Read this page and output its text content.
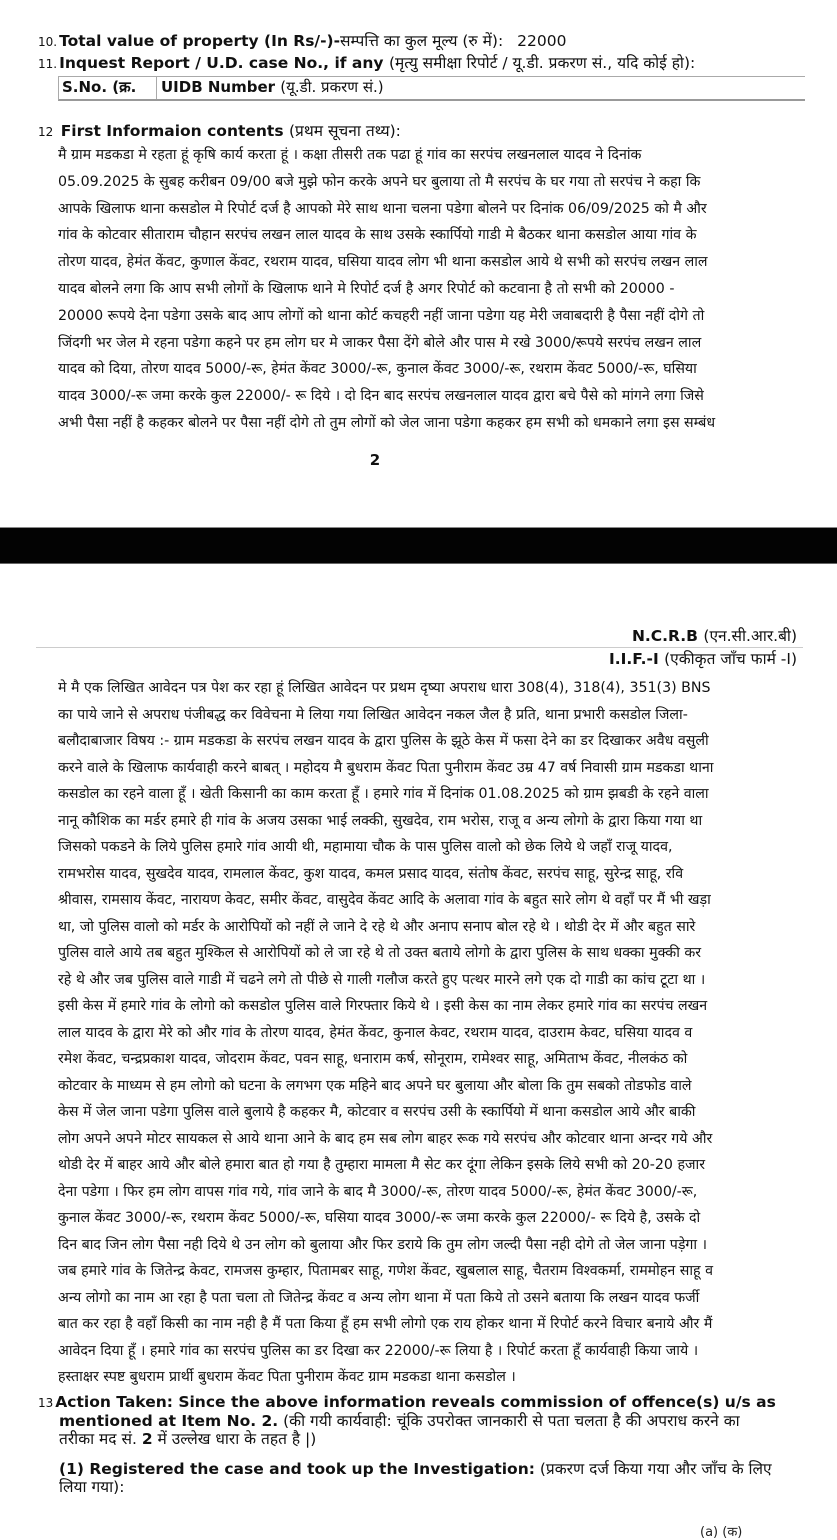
10. Total value of property (In Rs/-)-सम्पत्ति का कुल मूल्य (रु में): 22000
11. Inquest Report / U.D. case No., if any (मृत्यु समीक्षा रिपोर्ट / यू.डी. प्रकरण सं., यदि कोई हो):
S.No. (क्र.	UIDB Number (यू.डी. प्रकरण सं.)
12 First Informaion contents (प्रथम सूचना तथ्य):
मै ग्राम मडकडा मे रहता हूं कृषि कार्य करता हूं । कक्षा तीसरी तक पढा हूं गांव का सरपंच लखनलाल यादव ने दिनांक
05.09.2025 के सुबह करीबन 09/00 बजे मुझे फोन करके अपने घर बुलाया तो मै सरपंच के घर गया तो सरपंच ने कहा कि
आपके खिलाफ थाना कसडोल मे रिपोर्ट दर्ज है आपको मेरे साथ थाना चलना पडेगा बोलने पर दिनांक 06/09/2025 को मै और
गांव के कोटवार सीताराम चौहान सरपंच लखन लाल यादव के साथ उसके स्कार्पियो गाडी मे बैठकर थाना कसडोल आया गांव के
तोरण यादव, हेमंत केंवट, कुणाल केंवट, रथराम यादव, घसिया यादव लोग भी थाना कसडोल आये थे सभी को सरपंच लखन लाल
यादव बोलने लगा कि आप सभी लोगों के खिलाफ थाने मे रिपोर्ट दर्ज है अगर रिपोर्ट को कटवाना है तो सभी को 20000 -
20000 रूपये देना पडेगा उसके बाद आप लोगों को थाना कोर्ट कचहरी नहीं जाना पडेगा यह मेरी जवाबदारी है पैसा नहीं दोगे तो
जिंदगी भर जेल मे रहना पडेगा कहने पर हम लोग घर मे जाकर पैसा देंगे बोले और पास मे रखे 3000/रूपये सरपंच लखन लाल
यादव को दिया, तोरण यादव 5000/-रू, हेमंत केंवट 3000/-रू, कुनाल केंवट 3000/-रू, रथराम केंवट 5000/-रू, घसिया
यादव 3000/-रू जमा करके कुल 22000/- रू दिये । दो दिन बाद सरपंच लखनलाल यादव द्वारा बचे पैसे को मांगने लगा जिसे
अभी पैसा नहीं है कहकर बोलने पर पैसा नहीं दोगे तो तुम लोगों को जेल जाना पडेगा कहकर हम सभी को धमकाने लगा इस सम्बंध
2
N.C.R.B (एन.सी.आर.बी)
I.I.F.-I (एकीकृत जाँच फार्म -I)
मे मै एक लिखित आवेदन पत्र पेश कर रहा हूं लिखित आवेदन पर प्रथम दृष्या अपराध धारा 308(4), 318(4), 351(3) BNS
का पाये जाने से अपराध पंजीबद्ध कर विवेचना मे लिया गया लिखित आवेदन नकल जैल है प्रति, थाना प्रभारी कसडोल जिला-
बलौदाबाजार विषय :- ग्राम मडकडा के सरपंच लखन यादव के द्वारा पुलिस के झूठे केस में फसा देने का डर दिखाकर अवैध वसुली
करने वाले के खिलाफ कार्यवाही करने बाबत् । महोदय मै बुधराम केंवट पिता पुनीराम केंवट उम्र 47 वर्ष निवासी ग्राम मडकडा थाना
कसडोल का रहने वाला हूँ । खेती किसानी का काम करता हूँ । हमारे गांव में दिनांक 01.08.2025 को ग्राम झबडी के रहने वाला
नानू कौशिक का मर्डर हमारे ही गांव के अजय उसका भाई लक्की, सुखदेव, राम भरोस, राजू व अन्य लोगो के द्वारा किया गया था
जिसको पकडने के लिये पुलिस हमारे गांव आयी थी, महामाया चौक के पास पुलिस वालो को छेक लिये थे जहाँ राजू यादव,
रामभरोस यादव, सुखदेव यादव, रामलाल केंवट, कुश यादव, कमल प्रसाद यादव, संतोष केंवट, सरपंच साहू, सुरेन्द्र साहू, रवि
श्रीवास, रामसाय केंवट, नारायण केवट, समीर केंवट, वासुदेव केंवट आदि के अलावा गांव के बहुत सारे लोग थे वहाँ पर मैं भी खड़ा
था, जो पुलिस वालो को मर्डर के आरोपियों को नहीं ले जाने दे रहे थे और अनाप सनाप बोल रहे थे । थोडी देर में और बहुत सारे
पुलिस वाले आये तब बहुत मुश्किल से आरोपियों को ले जा रहे थे तो उक्त बताये लोगो के द्वारा पुलिस के साथ धक्का मुक्की कर
रहे थे और जब पुलिस वाले गाडी में चढने लगे तो पीछे से गाली गलौज करते हुए पत्थर मारने लगे एक दो गाडी का कांच टूटा था ।
इसी केस में हमारे गांव के लोगो को कसडोल पुलिस वाले गिरफ्तार किये थे । इसी केस का नाम लेकर हमारे गांव का सरपंच लखन
लाल यादव के द्वारा मेरे को और गांव के तोरण यादव, हेमंत केंवट, कुनाल केवट, रथराम यादव, दाउराम केवट, घसिया यादव व
रमेश केंवट, चन्द्रप्रकाश यादव, जोदराम केंवट, पवन साहू, धनाराम कर्ष, सोनूराम, रामेश्वर साहू, अमिताभ केंवट, नीलकंठ को
कोटवार के माध्यम से हम लोगो को घटना के लगभग एक महिने बाद अपने घर बुलाया और बोला कि तुम सबको तोडफोड वाले
केस में जेल जाना पडेगा पुलिस वाले बुलाये है कहकर मै, कोटवार व सरपंच उसी के स्कार्पियो में थाना कसडोल आये और बाकी
लोग अपने अपने मोटर सायकल से आये थाना आने के बाद हम सब लोग बाहर रूक गये सरपंच और कोटवार थाना अन्दर गये और
थोडी देर में बाहर आये और बोले हमारा बात हो गया है तुम्हारा मामला मै सेट कर दूंगा लेकिन इसके लिये सभी को 20-20 हजार
देना पडेगा । फिर हम लोग वापस गांव गये, गांव जाने के बाद मै 3000/-रू, तोरण यादव 5000/-रू, हेमंत केंवट 3000/-रू,
कुनाल केंवट 3000/-रू, रथराम केंवट 5000/-रू, घसिया यादव 3000/-रू जमा करके कुल 22000/- रू दिये है, उसके दो
दिन बाद जिन लोग पैसा नही दिये थे उन लोग को बुलाया और फिर डराये कि तुम लोग जल्दी पैसा नही दोगे तो जेल जाना पड़ेगा ।
जब हमारे गांव के जितेन्द्र केवट, रामजस कुम्हार, पितामबर साहू, गणेश केंवट, खुबलाल साहू, चैतराम विश्वकर्मा, राममोहन साहू व
अन्य लोगो का नाम आ रहा है पता चला तो जितेन्द्र केंवट व अन्य लोग थाना में पता किये तो उसने बताया कि लखन यादव फर्जी
बात कर रहा है वहाँ किसी का नाम नही है मैं पता किया हूँ हम सभी लोगो एक राय होकर थाना में रिपोर्ट करने विचार बनाये और मैं
आवेदन दिया हूँ । हमारे गांव का सरपंच पुलिस का डर दिखा कर 22000/-रू लिया है । रिपोर्ट करता हूँ कार्यवाही किया जाये ।
हस्ताक्षर स्पष्ट बुधराम प्रार्थी बुधराम केंवट पिता पुनीराम केंवट ग्राम मडकडा थाना कसडोल ।
13 Action Taken: Since the above information reveals commission of offence(s) u/s as
mentioned at Item No. 2. (की गयी कार्यवाही: चूंकि उपरोक्त जानकारी से पता चलता है की अपराध करने का
तरीका मद सं. 2 में उल्लेख धारा के तहत है |)
(1) Registered the case and took up the Investigation: (प्रकरण दर्ज किया गया और जाँच के लिए
लिया गया):
(a) (क)
